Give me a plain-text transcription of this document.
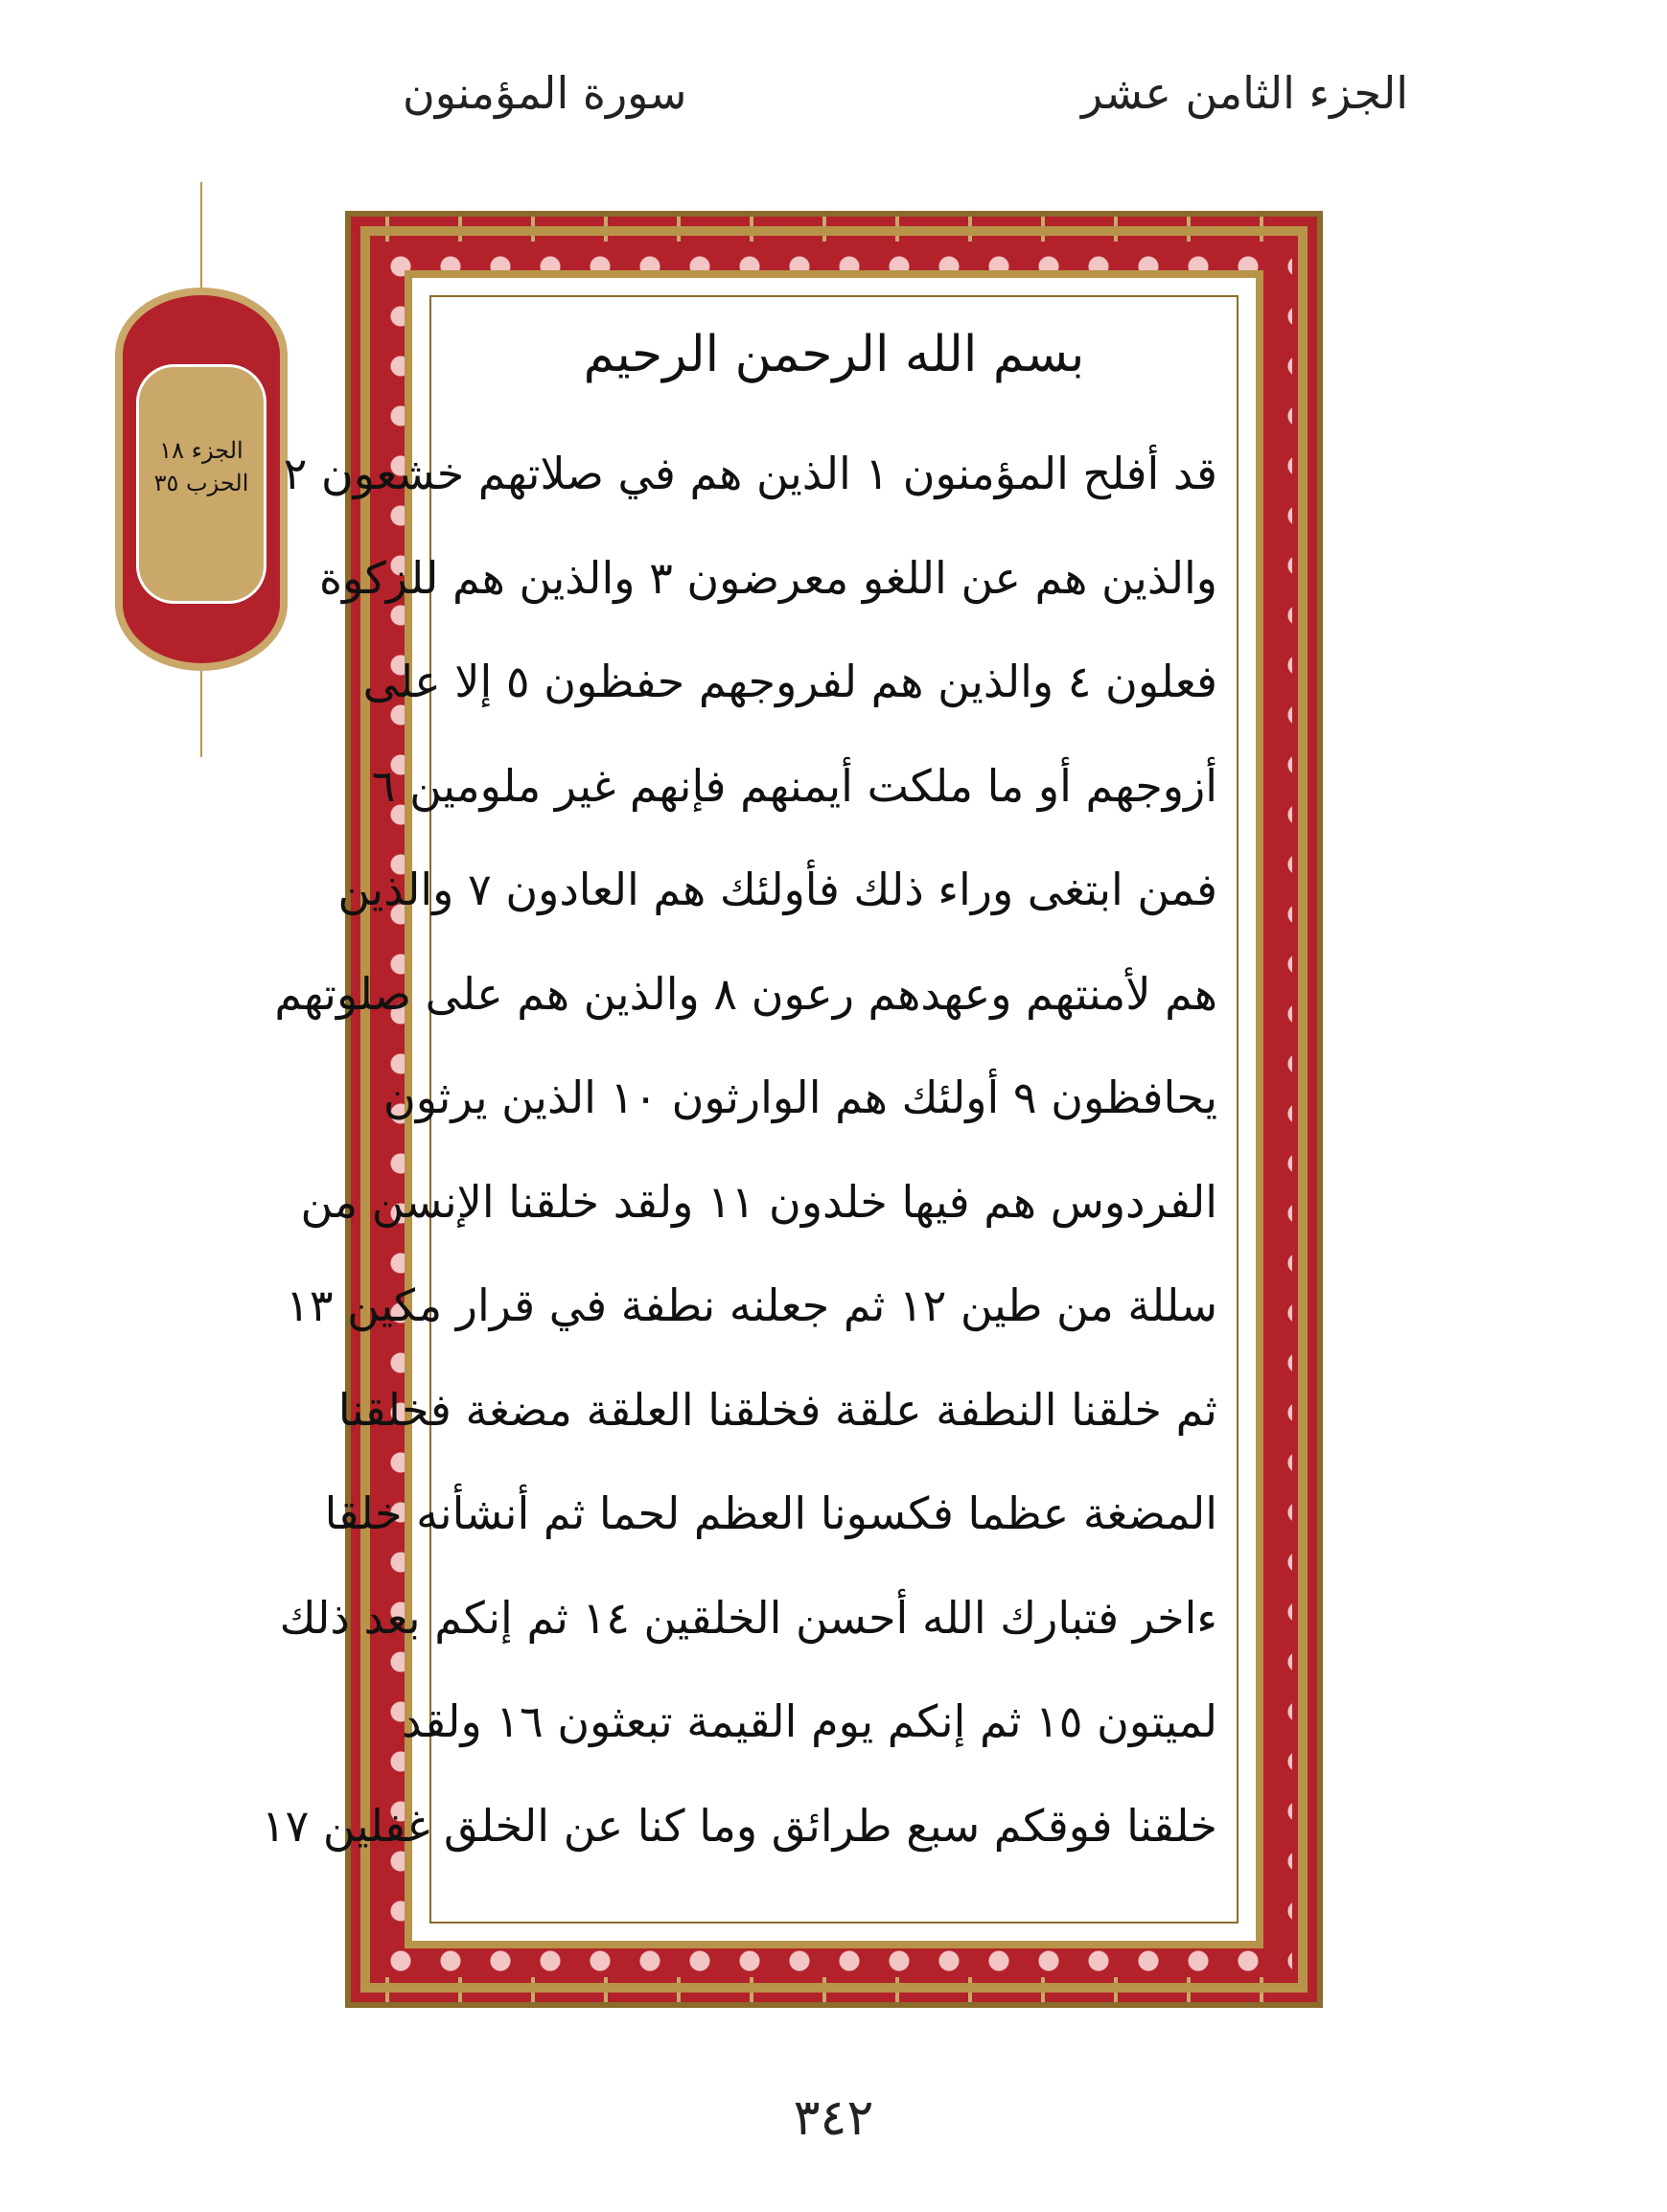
الجزء الثامن عشر
سورة المؤمنون
الجزء ١٨
الحزب ٣٥
بسم الله الرحمن الرحيم
قد أفلح المؤمنون ١ الذين هم في صلاتهم خشعون ٢
والذين هم عن اللغو معرضون ٣ والذين هم للزكوة
فعلون ٤ والذين هم لفروجهم حفظون ٥ إلا على
أزوجهم أو ما ملكت أيمنهم فإنهم غير ملومين ٦
فمن ابتغى وراء ذلك فأولئك هم العادون ٧ والذين
هم لأمنتهم وعهدهم رعون ٨ والذين هم على صلوتهم
يحافظون ٩ أولئك هم الوارثون ١٠ الذين يرثون
الفردوس هم فيها خلدون ١١ ولقد خلقنا الإنسن من
سللة من طين ١٢ ثم جعلنه نطفة في قرار مكين ١٣
ثم خلقنا النطفة علقة فخلقنا العلقة مضغة فخلقنا
المضغة عظما فكسونا العظم لحما ثم أنشأنه خلقا
ءاخر فتبارك الله أحسن الخلقين ١٤ ثم إنكم بعد ذلك
لميتون ١٥ ثم إنكم يوم القيمة تبعثون ١٦ ولقد
خلقنا فوقكم سبع طرائق وما كنا عن الخلق غفلين ١٧
٣٤٢
